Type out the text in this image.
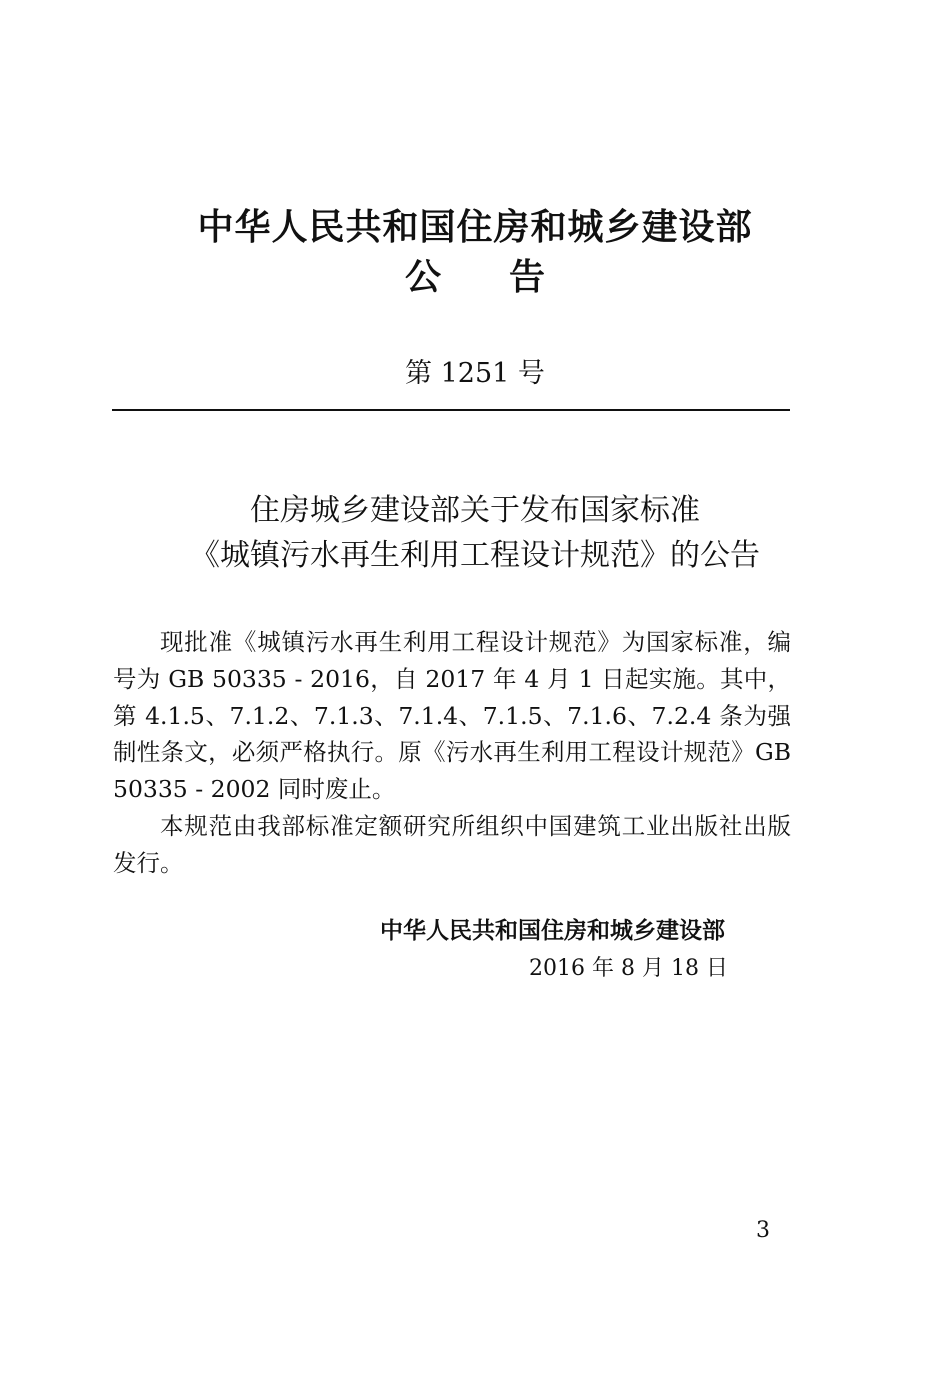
中华人民共和国住房和城乡建设部
公告
第 1251 号
住房城乡建设部关于发布国家标准
《城镇污水再生利用工程设计规范》的公告

现批准《城镇污水再生利用工程设计规范》为国家标准，编号为 GB 50335 - 2016，自 2017 年 4 月 1 日起实施。其中，第 4.1.5、7.1.2、7.1.3、7.1.4、7.1.5、7.1.6、7.2.4 条为强制性条文，必须严格执行。原《污水再生利用工程设计规范》GB 50335 - 2002 同时废止。

本规范由我部标准定额研究所组织中国建筑工业出版社出版发行。

中华人民共和国住房和城乡建设部
2016 年 8 月 18 日
3
